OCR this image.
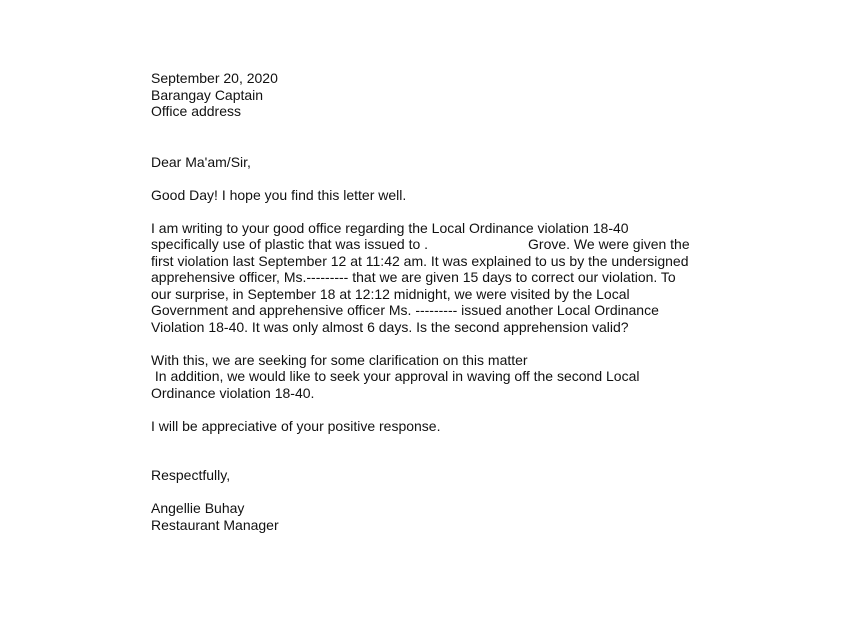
September 20, 2020
Barangay Captain
Office address
Dear Ma'am/Sir,
Good Day! I hope you find this letter well.
I am writing to your good office regarding the Local Ordinance violation 18-40
specifically use of plastic that was issued to .	Grove. We were given the
first violation last September 12 at 11:42 am. It was explained to us by the undersigned
apprehensive officer, Ms.--------- that we are given 15 days to correct our violation. To
our surprise, in September 18 at 12:12 midnight, we were visited by the Local
Government and apprehensive officer Ms. --------- issued another Local Ordinance
Violation 18-40. It was only almost 6 days. Is the second apprehension valid?
With this, we are seeking for some clarification on this matter
In addition, we would like to seek your approval in waving off the second Local
Ordinance violation 18-40.
I will be appreciative of your positive response.
Respectfully,
Angellie Buhay
Restaurant Manager
